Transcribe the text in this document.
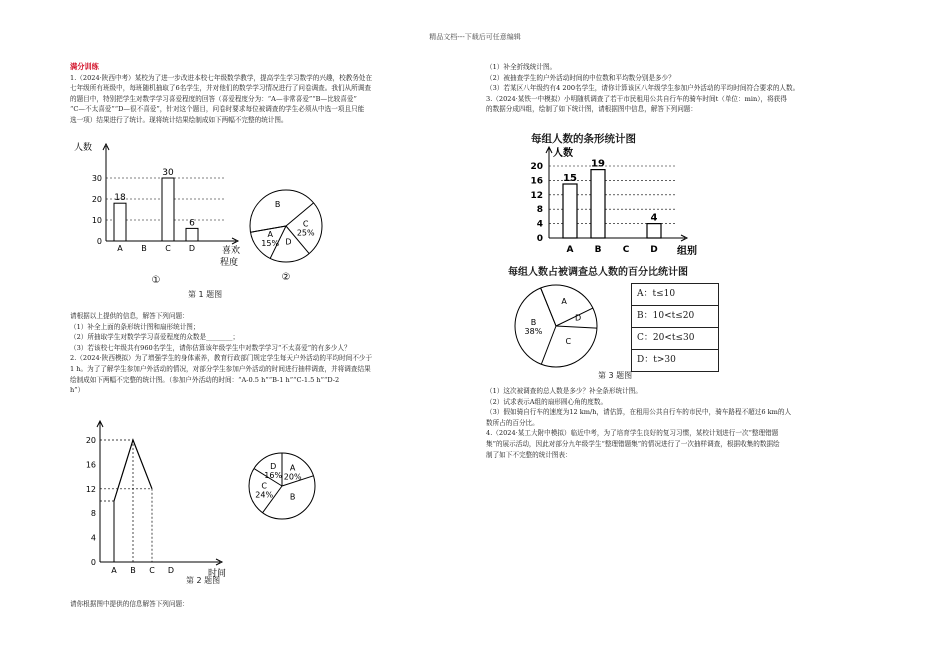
精品文档---下载后可任意编辑

满分训练

1.（2024·陕西中考）某校为了进一步改进本校七年级数学教学，提高学生学习数学的兴趣，校教务处在

七年级所有班级中，每班随机抽取了6名学生，并对他们的数学学习情况进行了问卷调查。我们从所调查

的题目中，特别把学生对数学学习喜爱程度的回答（喜爱程度分为：“A—非常喜爱”“B—比较喜爱”

“C—不太喜爱”“D—很不喜爱”，针对这个题目，问卷时要求每位被调查的学生必须从中选一项且只能

选一项）结果进行了统计。现将统计结果绘制成如下两幅不完整的统计图。

人数
喜欢
程度
0
10
20
30
A
18
B C
30
D
6
①
B
C
25%
D
A
15%
②
第 1 题图

请根据以上提供的信息，解答下列问题：

（1）补全上面的条形统计图和扇形统计图；

（2）所抽取学生对数学学习喜爱程度的众数是________；

（3）若该校七年级共有960名学生，请你估算该年级学生中对数学学习“不太喜爱”的有多少人？

2.（2024·陕西模拟）为了增强学生的身体素养，教育行政部门规定学生每天户外活动的平均时间不少于

1 h。为了了解学生参加户外活动的情况，对部分学生参加户外活动的时间进行抽样调查，并将调查结果

绘制成如下两幅不完整的统计图。（参加户外活动的时间：“A-0.5 h”“B-1 h”“C-1.5 h”“D-2

h”）

时间
0
4
8
12
16
20
A B C D
A
20%
B
C
24%
D
16%
第 2 题图

请你根据图中提供的信息解答下列问题：

（1）补全折线统计图。

（2）被抽查学生的户外活动时间的中位数和平均数分别是多少？

（3）若某区八年级约有4 200名学生，请你计算该区八年级学生参加户外活动的平均时间符合要求的人数。

3.（2024·某铁一中模拟）小明随机调查了若干市民租用公共自行车的骑车时间t（单位：min），将获得

的数据分成四组，绘制了如下统计图，请根据图中信息，解答下列问题：

每组人数的条形统计图
人数
组别
0
4
8
12
16
20
A
15
B
19
C D
4
每组人数占被调查总人数的百分比统计图
A
D
C
B
38%
A：t≤10
B：10<t≤20
C：20<t≤30
D：t>30
第 3 题图

（1）这次被调查的总人数是多少？补全条形统计图。

（2）试求表示A组的扇形圆心角的度数。

（3）假如骑自行车的速度为12 km/h，请估算，在租用公共自行车的市民中，骑车路程不超过6 km的人

数所占的百分比。

4.（2024·某工大附中模拟）临近中考，为了培育学生良好的复习习惯，某校计划进行一次“整理错题

集”的展示活动，因此对部分九年级学生“整理错题集”的情况进行了一次抽样调查，根据收集的数据绘

制了如下不完整的统计图表：
